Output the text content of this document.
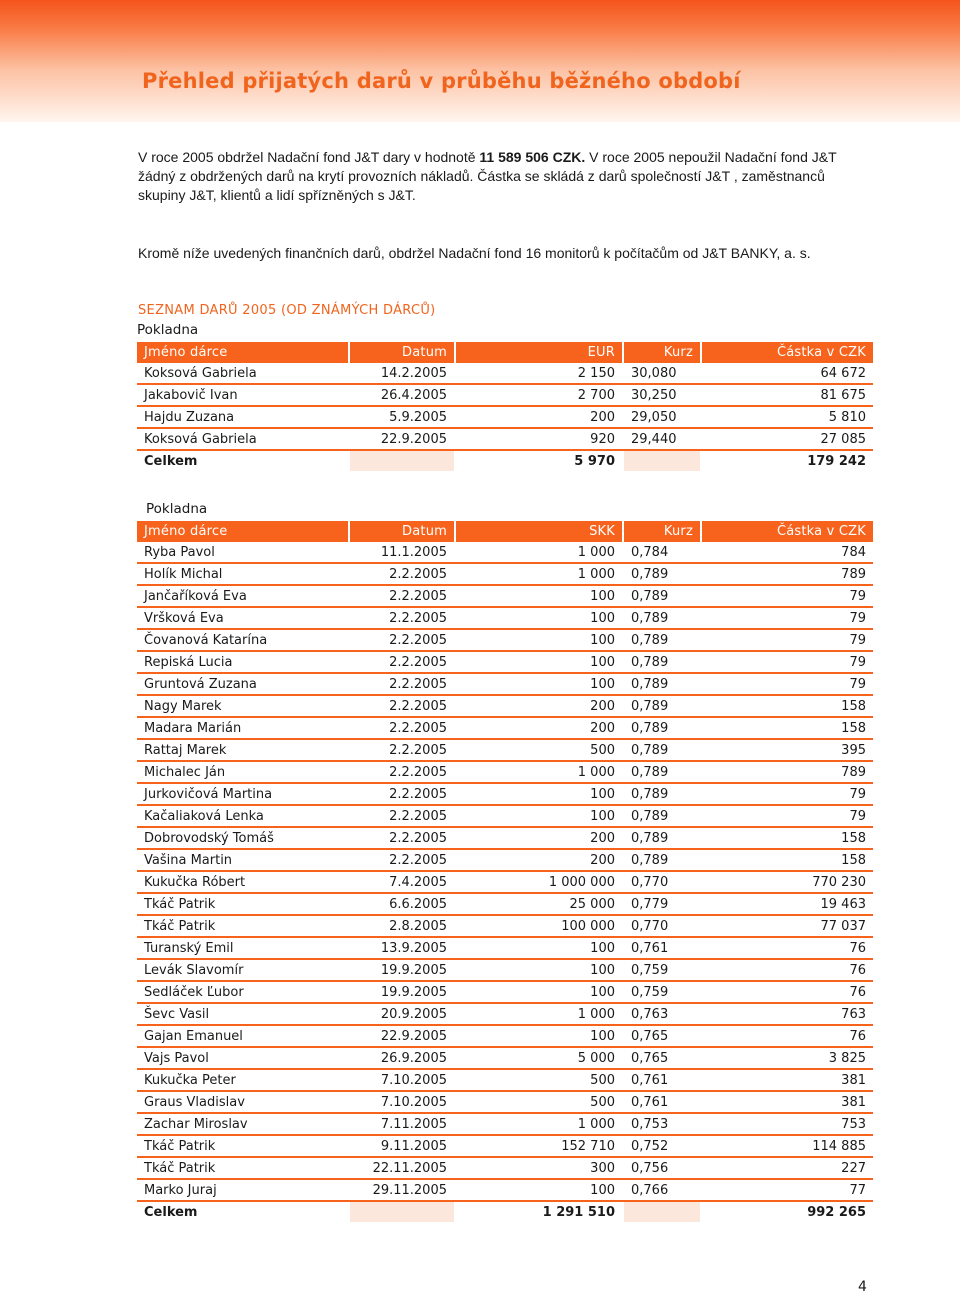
Přehled přijatých darů v průběhu běžného období

V roce 2005 obdržel Nadační fond J&T dary v hodnotě 11 589 506 CZK. V roce 2005 nepoužil Nadační fond J&T žádný z obdržených darů na krytí provozních nákladů. Částka se skládá z darů společností J&T , zaměstnanců skupiny J&T, klientů a lidí spřízněných s J&T.

Kromě níže uvedených finančních darů, obdržel Nadační fond 16 monitorů k počítačům od J&T BANKY, a. s.

SEZNAM DARŮ 2005 (OD ZNÁMÝCH DÁRCŮ)

Pokladna

Jméno dárce	Datum	EUR	Kurz	Částka v CZK
Koksová Gabriela	14.2.2005	2 150	30,080	64 672
Jakabovič Ivan	26.4.2005	2 700	30,250	81 675
Hajdu Zuzana	5.9.2005	200	29,050	5 810
Koksová Gabriela	22.9.2005	920	29,440	27 085
Celkem		5 970		179 242

Pokladna

Jméno dárce	Datum	SKK	Kurz	Částka v CZK
Ryba Pavol	11.1.2005	1 000	0,784	784
Holík Michal	2.2.2005	1 000	0,789	789
Jančaříková Eva	2.2.2005	100	0,789	79
Vršková Eva	2.2.2005	100	0,789	79
Čovanová Katarína	2.2.2005	100	0,789	79
Repiská Lucia	2.2.2005	100	0,789	79
Gruntová Zuzana	2.2.2005	100	0,789	79
Nagy Marek	2.2.2005	200	0,789	158
Madara Marián	2.2.2005	200	0,789	158
Rattaj Marek	2.2.2005	500	0,789	395
Michalec Ján	2.2.2005	1 000	0,789	789
Jurkovičová Martina	2.2.2005	100	0,789	79
Kačaliaková Lenka	2.2.2005	100	0,789	79
Dobrovodský Tomáš	2.2.2005	200	0,789	158
Vašina Martin	2.2.2005	200	0,789	158
Kukučka Róbert	7.4.2005	1 000 000	0,770	770 230
Tkáč Patrik	6.6.2005	25 000	0,779	19 463
Tkáč Patrik	2.8.2005	100 000	0,770	77 037
Turanský Emil	13.9.2005	100	0,761	76
Levák Slavomír	19.9.2005	100	0,759	76
Sedláček Ľubor	19.9.2005	100	0,759	76
Ševc Vasil	20.9.2005	1 000	0,763	763
Gajan Emanuel	22.9.2005	100	0,765	76
Vajs Pavol	26.9.2005	5 000	0,765	3 825
Kukučka Peter	7.10.2005	500	0,761	381
Graus Vladislav	7.10.2005	500	0,761	381
Zachar Miroslav	7.11.2005	1 000	0,753	753
Tkáč Patrik	9.11.2005	152 710	0,752	114 885
Tkáč Patrik	22.11.2005	300	0,756	227
Marko Juraj	29.11.2005	100	0,766	77
Celkem		1 291 510		992 265
4
